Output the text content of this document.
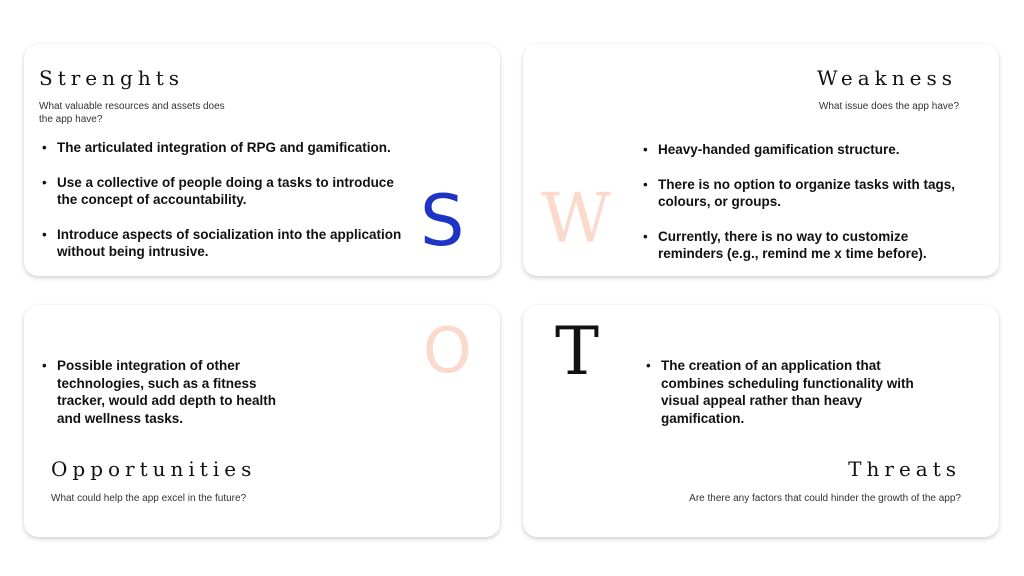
Strenghts

What valuable resources and assets does the app have?

• The articulated integration of RPG and gamification.
• Use a collective of people doing a tasks to introduce the concept of accountability.
• Introduce aspects of socialization into the application without being intrusive.	S
Weakness

What issue does the app have?

W
• Heavy-handed gamification structure.
• There is no option to organize tasks with tags, colours, or groups.
• Currently, there is no way to customize reminders (e.g., remind me x time before).
• Possible integration of other technologies, such as a fitness tracker, would add depth to health and wellness tasks.
O
Opportunities

What could help the app excel in the future?

T
•	The creation of an application that combines scheduling functionality with visual appeal rather than heavy gamification.
Threats

Are there any factors that could hinder the growth of the app?
